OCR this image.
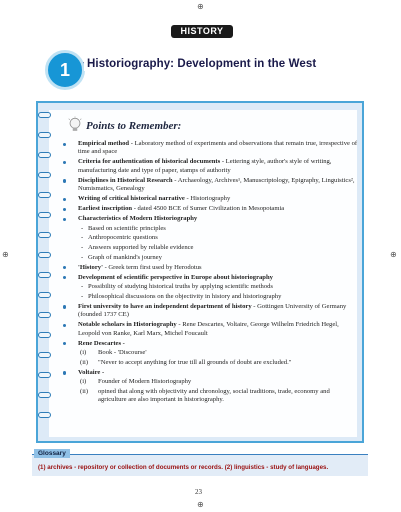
⊕
⊕	⊕
⊕
HISTORY
1	Historiography: Development in the West
Points to Remember:
Empirical method - Laboratory method of experiments and observations that remain true, irrespective of time and space
Criteria for authentication of historical documents - Lettering style, author's style of writing, manufacturing date and type of paper, stamps of authority
Disciplines in Historical Research - Archaeology, Archives¹, Manuscriptology, Epigraphy, Linguistics², Numismatics, Genealogy
Writing of critical historical narrative - Historiography
Earliest inscription - dated 4500 BCE of Sumer Civilization in Mesopotamia
Characteristics of Modern Historiography
- Based on scientific principles
- Anthropocentric questions
- Answers supported by reliable evidence
- Graph of mankind's journey
'History' - Greek term first used by Herodotus
Development of scientific perspective in Europe about historiography
- Possibility of studying historical truths by applying scientific methods
- Philosophical discussions on the objectivity in history and historiography
First university to have an independent department of history - Gottingen University of Germany (founded 1737 CE)
Notable scholars in Historiography - Rene Descartes, Voltaire, George Wilhelm Friedrich Hegel, Leopold von Ranke, Karl Marx, Michel Foucault
Rene Descartes -
(i) Book - 'Discourse'
(ii) "Never to accept anything for true till all grounds of doubt are excluded."
Voltaire -
(i) Founder of Modern Historiography
(ii) opined that along with objectivity and chronology, social traditions, trade, economy and agriculture are also important in historiography.
Glossary
(1) archives - repository or collection of documents or records. (2) linguistics - study of languages.
23
